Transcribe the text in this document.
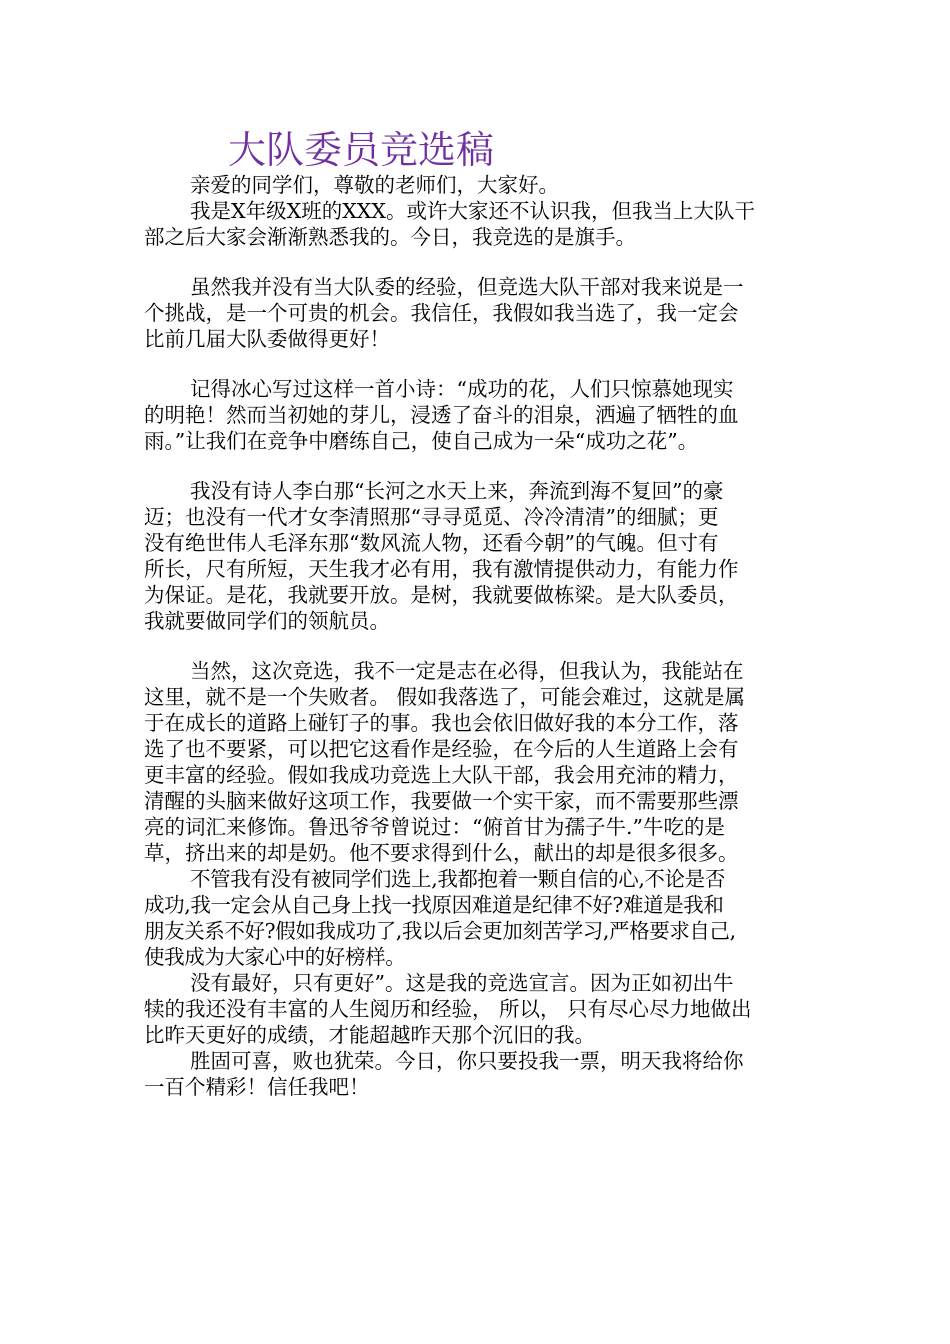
大队委员竞选稿

亲爱的同学们，尊敬的老师们，大家好。

我是X年级X班的XXX。或许大家还不认识我，但我当上大队干
部之后大家会渐渐熟悉我的。今日，我竞选的是旗手。

虽然我并没有当大队委的经验，但竞选大队干部对我来说是一
个挑战，是一个可贵的机会。我信任，我假如我当选了，我一定会
比前几届大队委做得更好！

记得冰心写过这样一首小诗：“成功的花，人们只惊慕她现实
的明艳！然而当初她的芽儿，浸透了奋斗的泪泉，洒遍了牺牲的血
雨。”让我们在竞争中磨练自己，使自己成为一朵“成功之花”。

我没有诗人李白那“长河之水天上来，奔流到海不复回”的豪
迈；也没有一代才女李清照那“寻寻觅觅、冷冷清清”的细腻；更
没有绝世伟人毛泽东那“数风流人物，还看今朝”的气魄。但寸有
所长，尺有所短，天生我才必有用，我有激情提供动力，有能力作
为保证。是花，我就要开放。是树，我就要做栋梁。是大队委员，
我就要做同学们的领航员。

当然，这次竞选，我不一定是志在必得，但我认为，我能站在
这里，就不是一个失败者。 假如我落选了，可能会难过，这就是属
于在成长的道路上碰钉子的事。我也会依旧做好我的本分工作，落
选了也不要紧，可以把它这看作是经验，在今后的人生道路上会有
更丰富的经验。假如我成功竞选上大队干部，我会用充沛的精力，
清醒的头脑来做好这项工作，我要做一个实干家，而不需要那些漂
亮的词汇来修饰。鲁迅爷爷曾说过：“俯首甘为孺子牛.”牛吃的是
草，挤出来的却是奶。他不要求得到什么，献出的却是很多很多。

不管我有没有被同学们选上,我都抱着一颗自信的心,不论是否
成功,我一定会从自己身上找一找原因难道是纪律不好?难道是我和
朋友关系不好?假如我成功了,我以后会更加刻苦学习,严格要求自己,
使我成为大家心中的好榜样。

没有最好，只有更好”。这是我的竞选宣言。因为正如初出牛
犊的我还没有丰富的人生阅历和经验， 所以， 只有尽心尽力地做出
比昨天更好的成绩，才能超越昨天那个沉旧的我。

胜固可喜，败也犹荣。今日，你只要投我一票，明天我将给你
一百个精彩！信任我吧！
